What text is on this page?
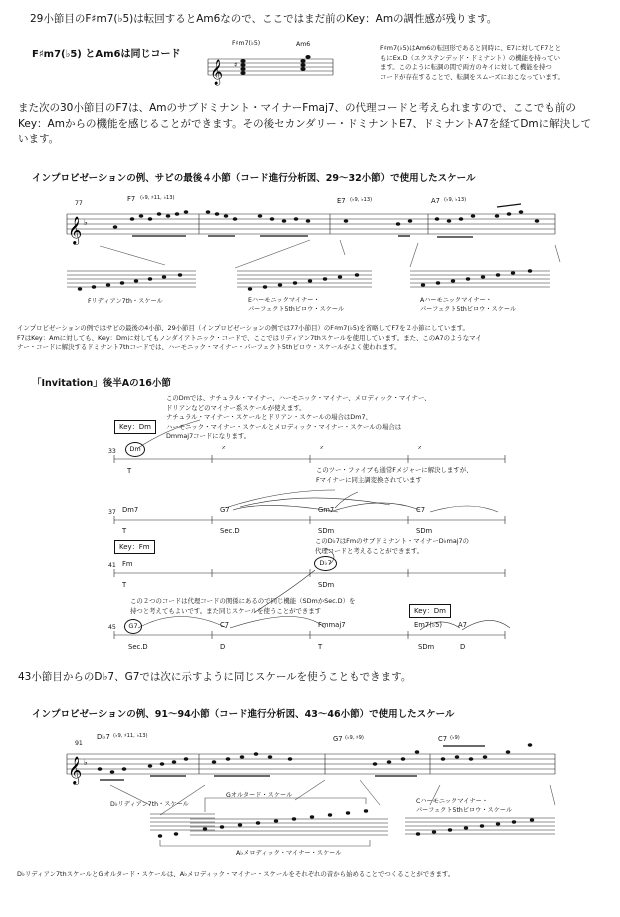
29小節目のF♯m7(♭5)は転回するとAm6なので、ここではまだ前のKey：Amの調性感が残ります。
F♯m7(♭5) とAm6は同じコード
F♯m7(♭5)	Am6
𝄞 ♯
F♯m7(♭5)はAm6の転回形であると同時に、E7に対してF7とと
もにEx.D（エクステンデッド・ドミナント）の機能を持ってい
ます。このように転調の間で両方のキイに対して機能を持つ
コードが存在することで、転調をスムーズにおこなっています。
また次の30小節目のF7は、Amのサブドミナント・マイナーFmaj7、の代理コードと考えられますので、ここでも前の
Key：Amからの機能を感じることができます。その後セカンダリー・ドミナントE7、ドミナントA7を経てDmに解決して
います。
インプロビゼーションの例、サビの最後４小節（コード進行分析図、29〜32小節）で使用したスケール
77
F7 (♭9, ♯11, ♭13)	E7 (♭9, ♭13)	A7 (♭9, ♭13)
𝄞 ♭
Fリディアン7th・スケール	Eハーモニックマイナー・
パーフェクト5thビロウ・スケール
Aハーモニックマイナー・
パーフェクト5thビロウ・スケール
インプロビゼーションの例ではサビの最後の4小節、29小節目（インプロビゼーションの例では77小節目）のF♯m7(♭5)を省略してF7を２小節にしています。
F7はKey：Amに対しても、Key：Dmに対してもノンダイアトニック・コードで、ここではリディアン7thスケールを使用しています。また、このA7のようなマイ
ナー・コードに解決するドミナント7thコードでは、ハーモニック・マイナー・パーフェクト5thビロウ・スケールがよく使われます。
「Invitation」後半Aの16小節
このDmでは、ナチュラル・マイナー、ハーモニック・マイナー、メロディック・マイナー、
ドリアンなどのマイナー系スケールが使えます。
ナチュラル・マイナー・スケールとドリアン・スケールの場合はDm7、
ハーモニック・マイナー・スケールとメロディック・マイナー・スケールの場合は
Dmmaj7コードになります。
Key：Dm
33	Dm	𝄎	𝄎	𝄎
T	このツー・ファイブも通常Fメジャーに解決しますが、
Fマイナーに同主調変換されています
37 Dm7	G7	Gm7	C7
T	Sec.D	SDm	SDm
Key：Fm
このD♭7はFmのサブドミナント・マイナーD♭maj7の
代理コードと考えることができます。
41 Fm	D♭7
T	SDm
この２つのコードは代理コードの関係にあるので同じ機能（SDmかSec.D）を
持つと考えてもよいです。また同じスケールを使うことができます	Key：Dm
45	G7	C7	Fmmaj7	Em7(♭5) A7
Sec.D	D	T	SDm	D
43小節目からのD♭7、G7では次に示すように同じスケールを使うこともできます。
インプロビゼーションの例、91〜94小節（コード進行分析図、43〜46小節）で使用したスケール
91
D♭7 (♭9, ♯11, ♭13)	G7 (♭9, ♯9)	C7 (♭9)
𝄞 ♭
D♭リディアン7th・スケール
Gオルタード・スケール
A♭メロディック・マイナー・スケール
Cハーモニックマイナー・
パーフェクト5thビロウ・スケール
D♭リディアン7thスケールとGオルタード・スケールは、A♭メロディック・マイナー・スケールをそれぞれの音から始めることでつくることができます。
